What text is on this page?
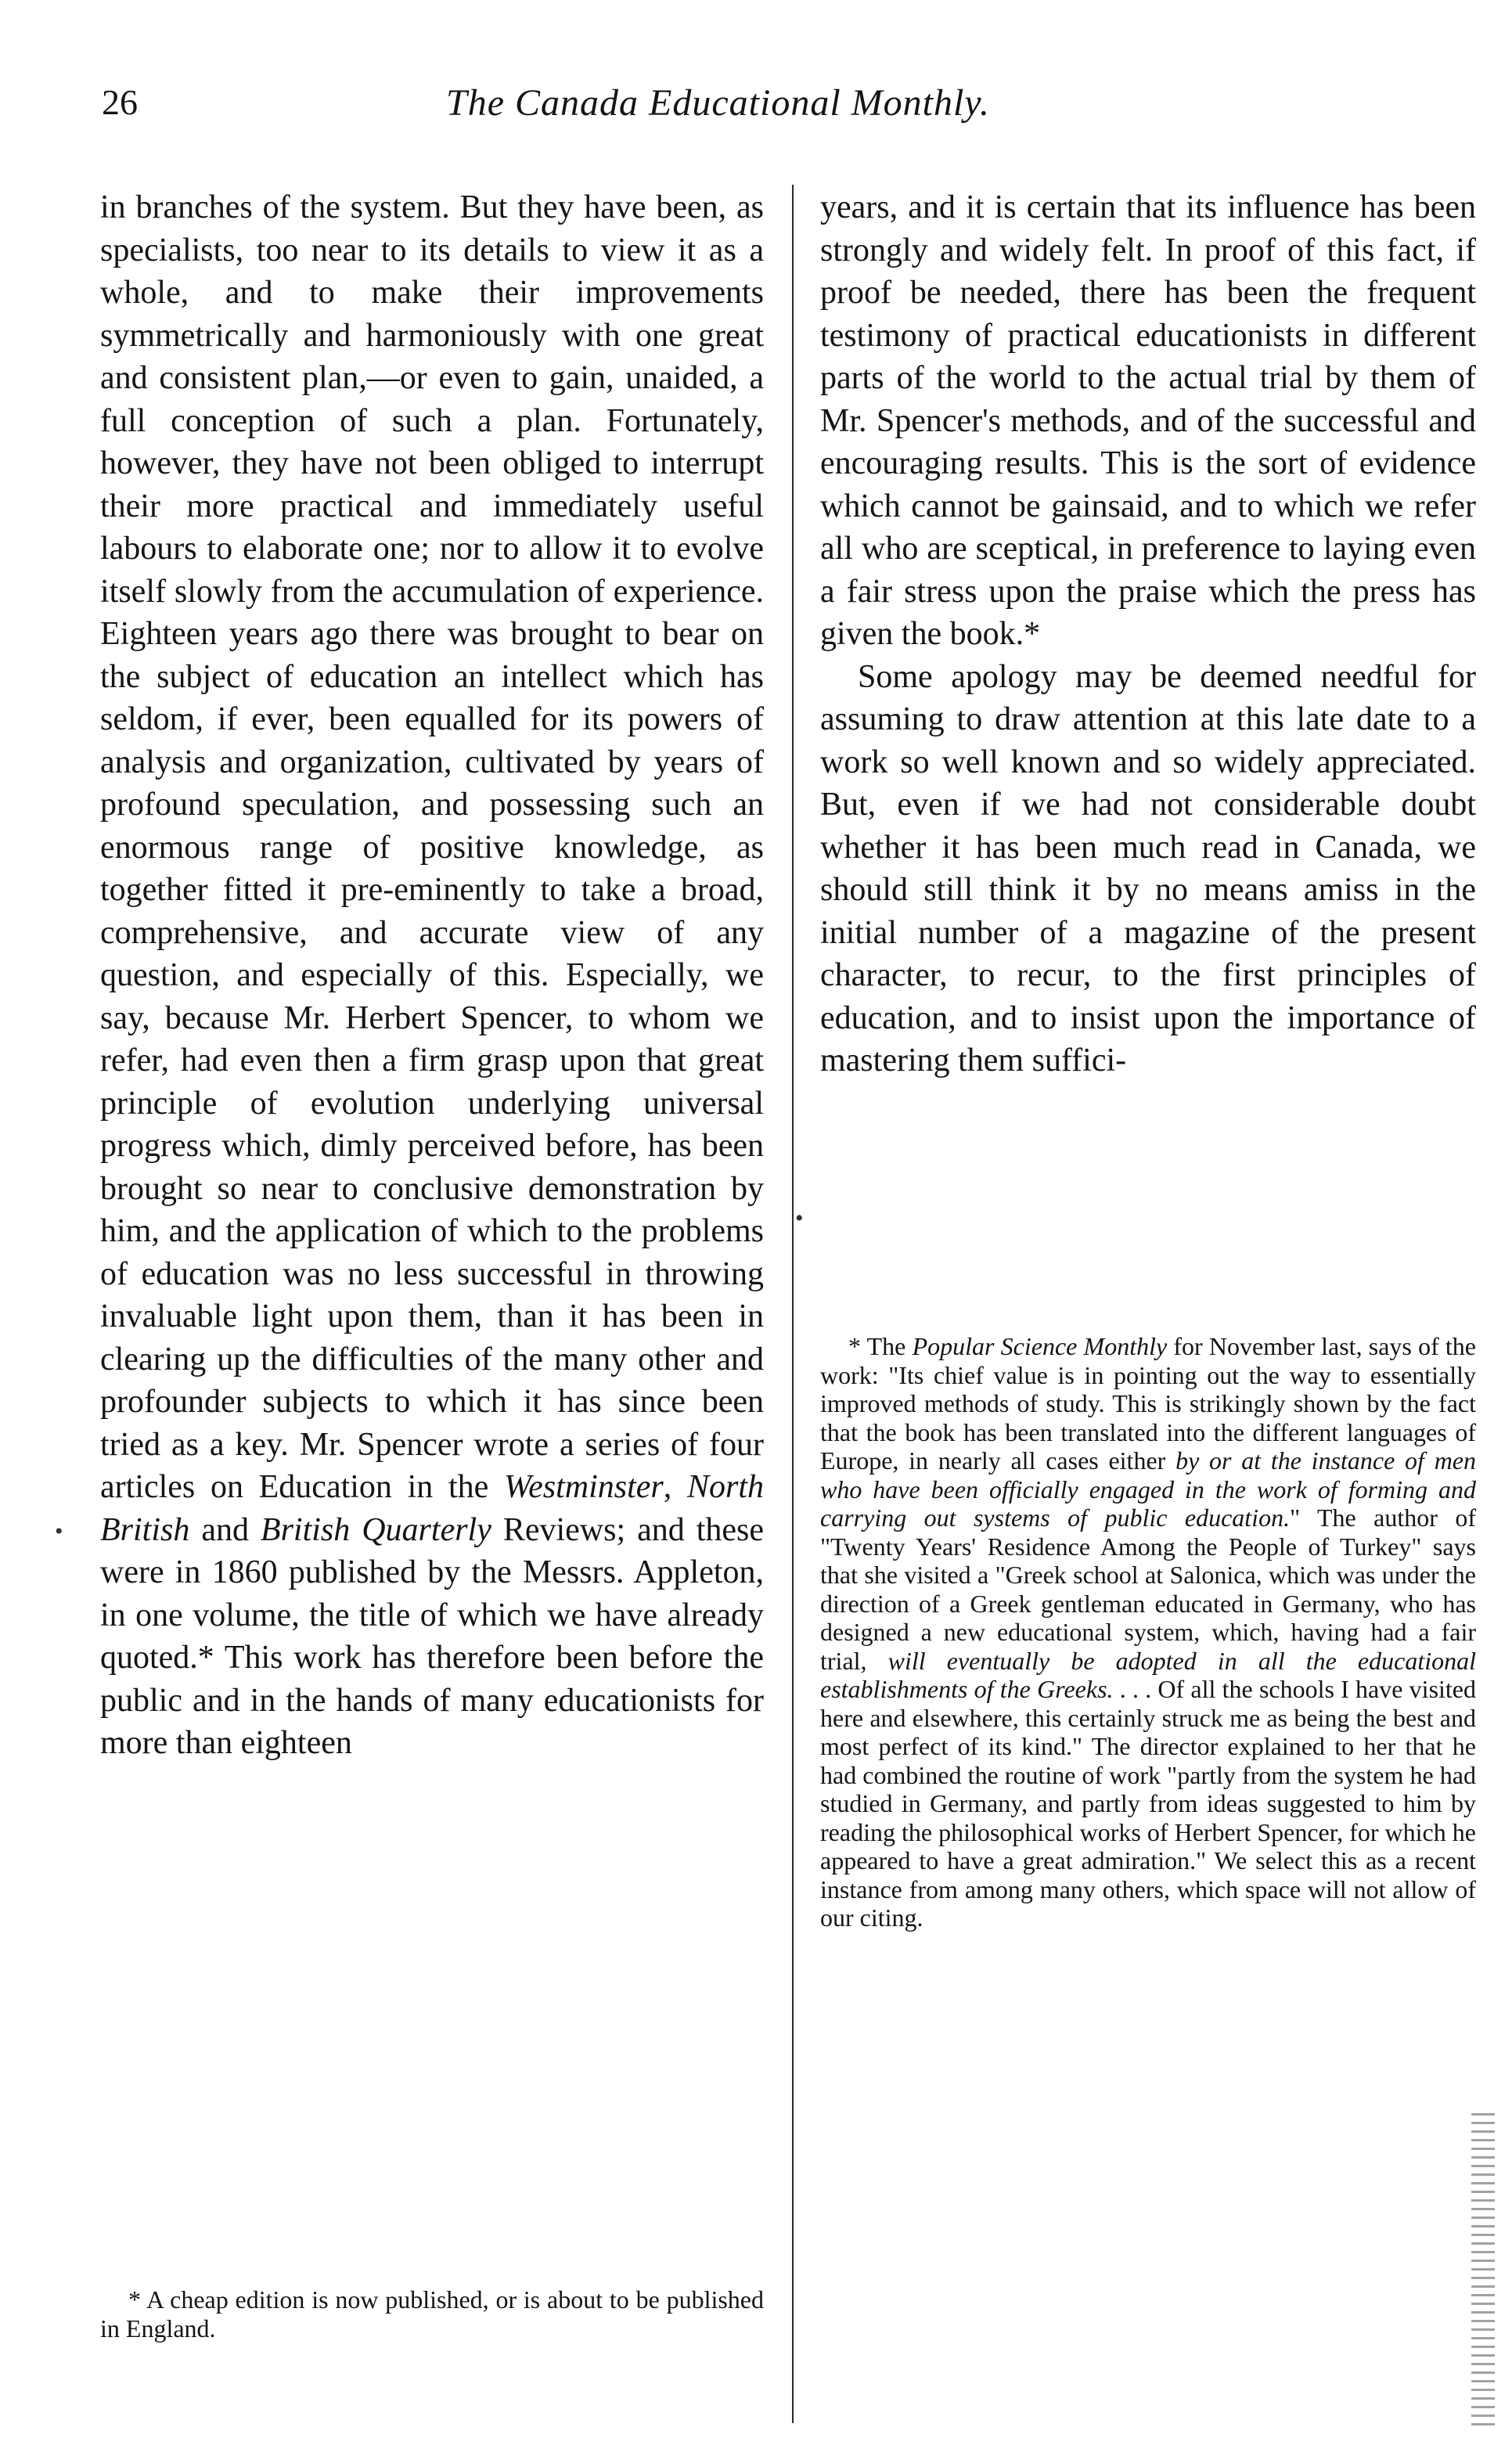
26	The Canada Educational Monthly.

in branches of the system. But they have been, as specialists, too near to its details to view it as a whole, and to make their improvements symmetrically and harmoniously with one great and consistent plan,—or even to gain, unaided, a full conception of such a plan. Fortunately, however, they have not been obliged to interrupt their more practical and immediately useful labours to elaborate one; nor to allow it to evolve itself slowly from the accumulation of experience. Eighteen years ago there was brought to bear on the subject of education an intellect which has seldom, if ever, been equalled for its powers of analysis and organization, cultivated by years of profound speculation, and possessing such an enormous range of positive knowledge, as together fitted it pre-eminently to take a broad, comprehensive, and accurate view of any question, and especially of this. Especially, we say, because Mr. Herbert Spencer, to whom we refer, had even then a firm grasp upon that great principle of evolution underlying universal progress which, dimly perceived before, has been brought so near to conclusive demonstration by him, and the application of which to the problems of education was no less successful in throwing invaluable light upon them, than it has been in clearing up the difficulties of the many other and profounder subjects to which it has since been tried as a key. Mr. Spencer wrote a series of four articles on Education in the Westminster, North British and British Quarterly Reviews; and these were in 1860 published by the Messrs. Appleton, in one volume, the title of which we have already quoted.* This work has therefore been before the public and in the hands of many educationists for more than eighteen

years, and it is certain that its influence has been strongly and widely felt. In proof of this fact, if proof be needed, there has been the frequent testimony of practical educationists in different parts of the world to the actual trial by them of Mr. Spencer's methods, and of the successful and encouraging results. This is the sort of evidence which cannot be gainsaid, and to which we refer all who are sceptical, in preference to laying even a fair stress upon the praise which the press has given the book.*

Some apology may be deemed needful for assuming to draw attention at this late date to a work so well known and so widely appreciated. But, even if we had not considerable doubt whether it has been much read in Canada, we should still think it by no means amiss in the initial number of a magazine of the present character, to recur, to the first principles of education, and to insist upon the importance of mastering them suffici-

* The Popular Science Monthly for November last, says of the work: "Its chief value is in pointing out the way to essentially improved methods of study. This is strikingly shown by the fact that the book has been translated into the different languages of Europe, in nearly all cases either by or at the instance of men who have been officially engaged in the work of forming and carrying out systems of public education." The author of "Twenty Years' Residence Among the People of Turkey" says that she visited a "Greek school at Salonica, which was under the direction of a Greek gentleman educated in Germany, who has designed a new educational system, which, having had a fair trial, will eventually be adopted in all the educational establishments of the Greeks. . . . Of all the schools I have visited here and elsewhere, this certainly struck me as being the best and most perfect of its kind." The director explained to her that he had combined the routine of work "partly from the system he had studied in Germany, and partly from ideas suggested to him by reading the philosophical works of Herbert Spencer, for which he appeared to have a great admiration." We select this as a recent instance from among many others, which space will not allow of our citing.

* A cheap edition is now published, or is about to be published in England.

•
•
